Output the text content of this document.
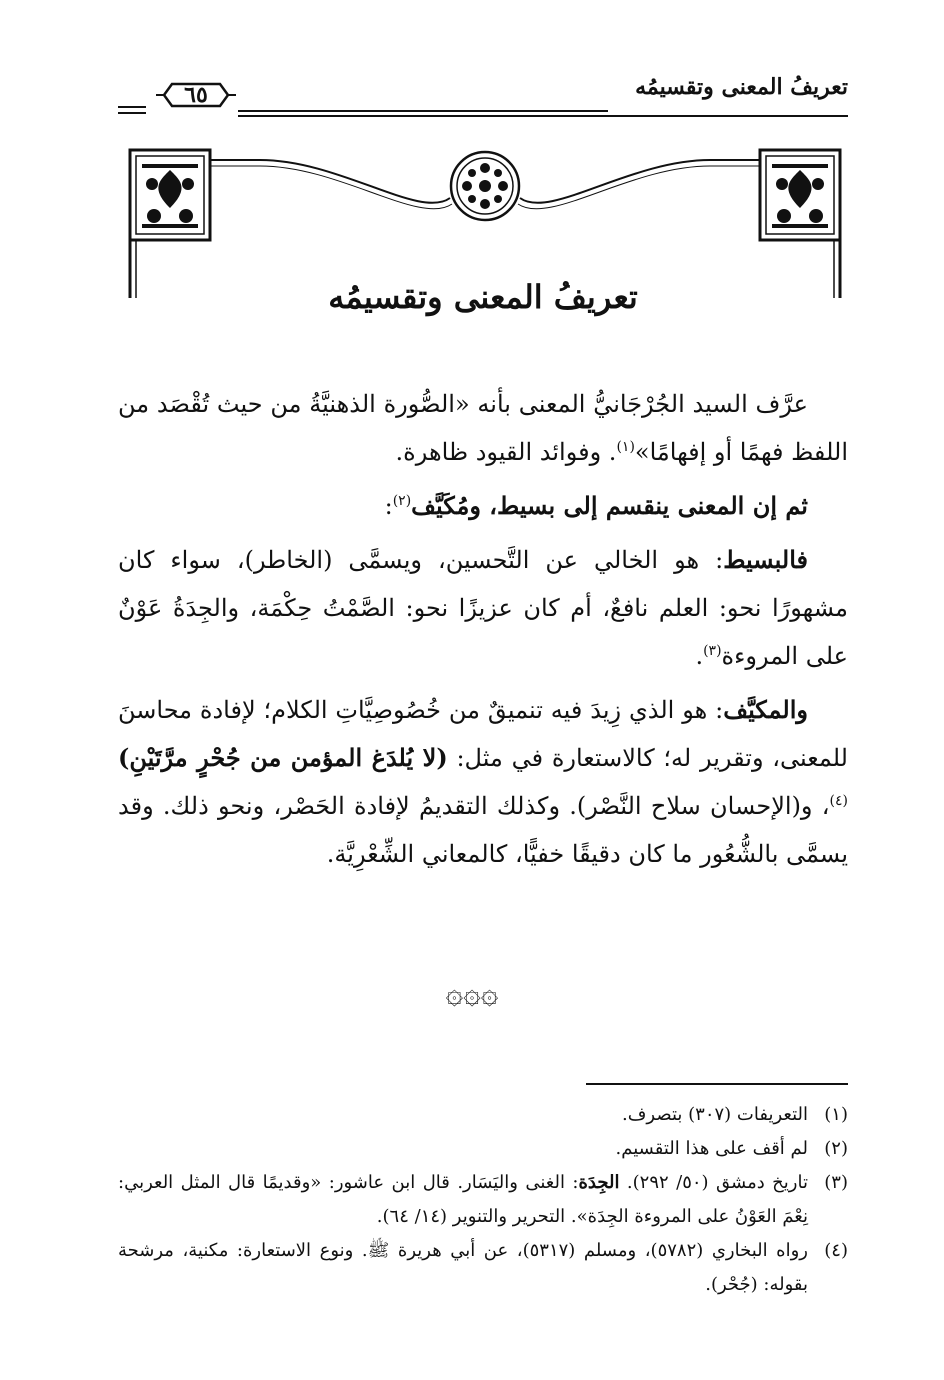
تعريفُ المعنى وتقسيمُه
٦٥
تعريفُ المعنى وتقسيمُه

عرَّف السيد الجُرْجَانيُّ المعنى بأنه «الصُّورة الذهنيَّةُ من حيث تُقْصَد من اللفظ فهمًا أو إفهامًا»$^{(١)}$. وفوائد القيود ظاهرة.

ثم إن المعنى ينقسم إلى بسيط، ومُكَيَّف$^{(٢)}$:

فالبسيط: هو الخالي عن التَّحسين، ويسمَّى (الخاطر)، سواء كان مشهورًا نحو: العلم نافعٌ، أم كان عزيزًا نحو: الصَّمْتُ حِكْمَة، والجِدَةُ عَوْنٌ على المروءة$^{(٣)}$.

والمكيَّف: هو الذي زِيدَ فيه تنميقٌ من خُصُوصِيَّاتِ الكلام؛ لإفادة محاسنَ للمعنى، وتقرير له؛ كالاستعارة في مثل: (لا يُلدَغ المؤمن من جُحْرٍ مرَّتَيْنِ)$^{(٤)}$، و(الإحسان سلاح النَّصْر). وكذلك التقديمُ لإفادة الحَصْر، ونحو ذلك. وقد يسمَّى بالشُّعُور ما كان دقيقًا خفيًّا، كالمعاني الشِّعْرِيَّة.

۞۞۞
(١)
التعريفات (٣٠٧) بتصرف.
(٢)
لم أقف على هذا التقسيم.
(٣)
تاريخ دمشق (٥٠/ ٢٩٢). الجِدَة: الغنى واليَسَار. قال ابن عاشور: «وقديمًا قال المثل العربي: نِعْمَ العَوْنُ على المروءة الجِدَة». التحرير والتنوير (١٤/ ٦٤).
(٤)
رواه البخاري (٥٧٨٢)، ومسلم (٥٣١٧)، عن أبي هريرة ﷺ. ونوع الاستعارة: مكنية، مرشحة بقوله: (جُحْر).
